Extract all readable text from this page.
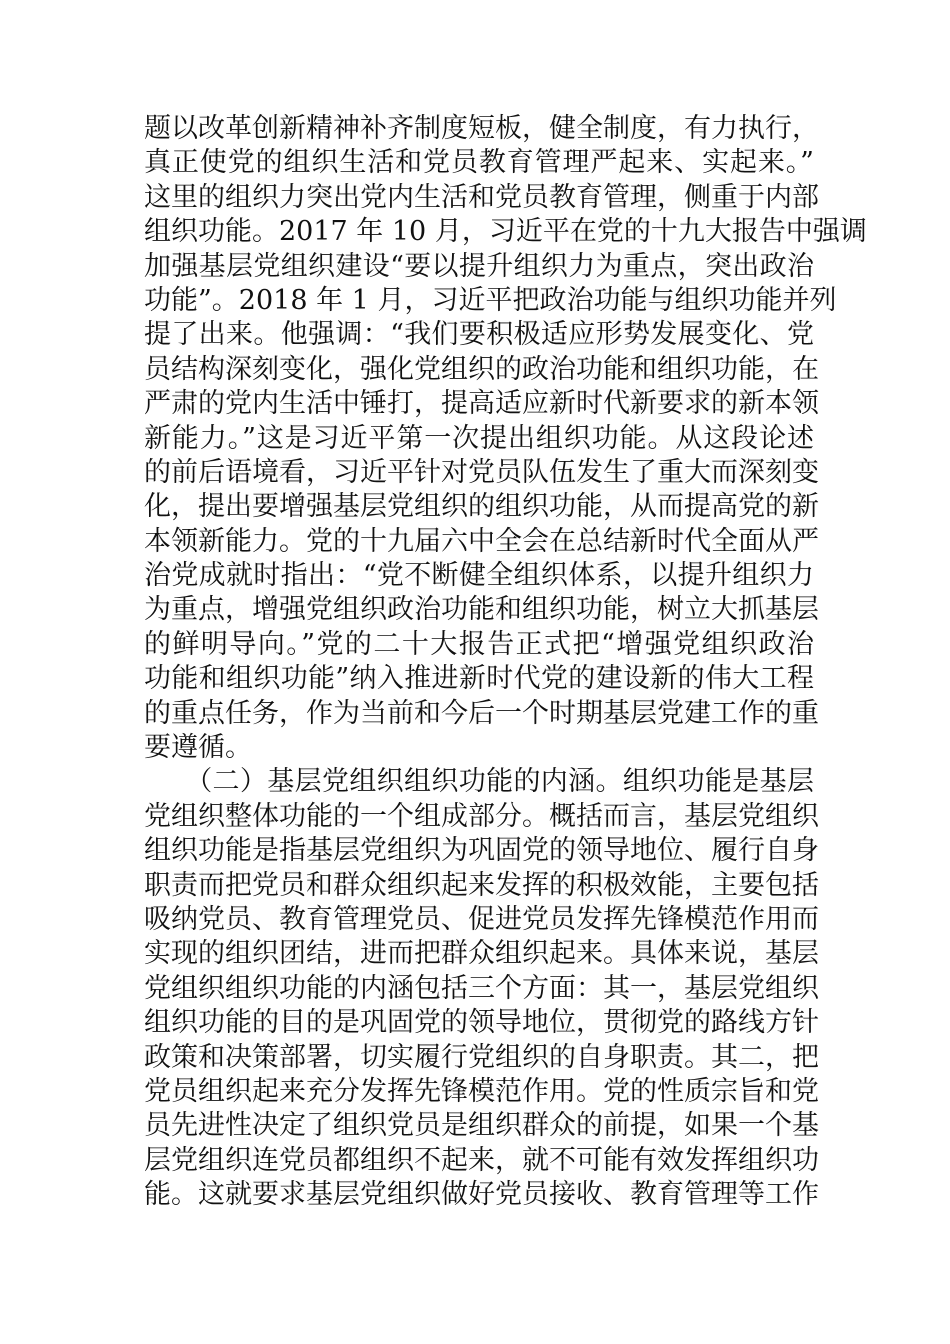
题以改革创新精神补齐制度短板，健全制度，有力执行，
真正使党的组织生活和党员教育管理严起来、实起来。”
这里的组织力突出党内生活和党员教育管理，侧重于内部
组织功能。2017 年 10 月，习近平在党的十九大报告中强调
加强基层党组织建设“要以提升组织力为重点，突出政治
功能”。2018 年 1 月，习近平把政治功能与组织功能并列
提了出来。他强调：“我们要积极适应形势发展变化、党
员结构深刻变化，强化党组织的政治功能和组织功能，在
严肃的党内生活中锤打，提高适应新时代新要求的新本领
新能力。”这是习近平第一次提出组织功能。从这段论述
的前后语境看，习近平针对党员队伍发生了重大而深刻变
化，提出要增强基层党组织的组织功能，从而提高党的新
本领新能力。党的十九届六中全会在总结新时代全面从严
治党成就时指出：“党不断健全组织体系，以提升组织力
为重点，增强党组织政治功能和组织功能，树立大抓基层
的鲜明导向。”党的二十大报告正式把“增强党组织政治
功能和组织功能”纳入推进新时代党的建设新的伟大工程
的重点任务，作为当前和今后一个时期基层党建工作的重
要遵循。
　　（二）基层党组织组织功能的内涵。组织功能是基层
党组织整体功能的一个组成部分。概括而言，基层党组织
组织功能是指基层党组织为巩固党的领导地位、履行自身
职责而把党员和群众组织起来发挥的积极效能，主要包括
吸纳党员、教育管理党员、促进党员发挥先锋模范作用而
实现的组织团结，进而把群众组织起来。具体来说，基层
党组织组织功能的内涵包括三个方面：其一，基层党组织
组织功能的目的是巩固党的领导地位，贯彻党的路线方针
政策和决策部署，切实履行党组织的自身职责。其二，把
党员组织起来充分发挥先锋模范作用。党的性质宗旨和党
员先进性决定了组织党员是组织群众的前提，如果一个基
层党组织连党员都组织不起来，就不可能有效发挥组织功
能。这就要求基层党组织做好党员接收、教育管理等工作
